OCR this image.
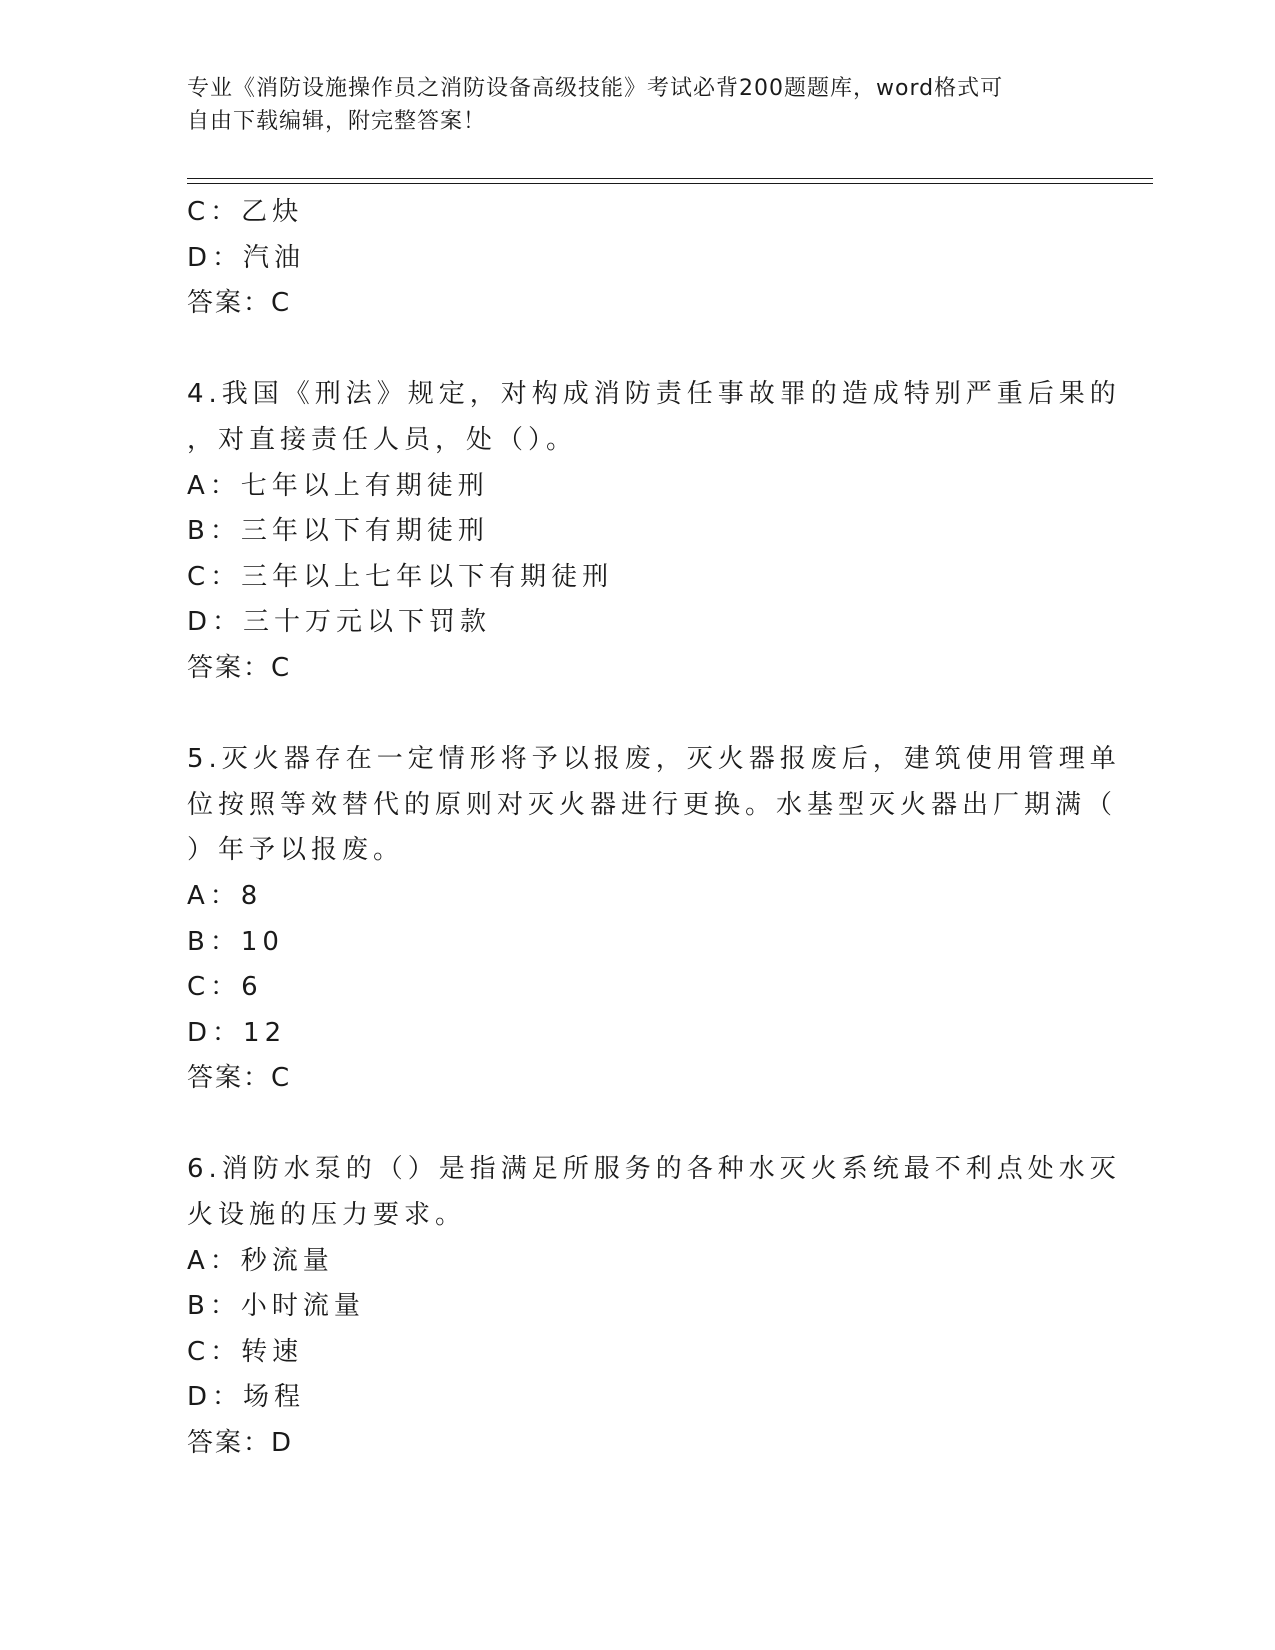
专业《消防设施操作员之消防设备高级技能》考试必背200题题库，word格式可
自由下载编辑，附完整答案！
C：乙炔
D：汽油
答案：C
4.我国《刑法》规定，对构成消防责任事故罪的造成特别严重后果的
，对直接责任人员，处（）。
A：七年以上有期徒刑
B：三年以下有期徒刑
C：三年以上七年以下有期徒刑
D：三十万元以下罚款
答案：C
5.灭火器存在一定情形将予以报废，灭火器报废后，建筑使用管理单
位按照等效替代的原则对灭火器进行更换。水基型灭火器出厂期满（
）年予以报废。
A：8
B：10
C：6
D：12
答案：C
6.消防水泵的（）是指满足所服务的各种水灭火系统最不利点处水灭
火设施的压力要求。
A：秒流量
B：小时流量
C：转速
D：场程
答案：D
